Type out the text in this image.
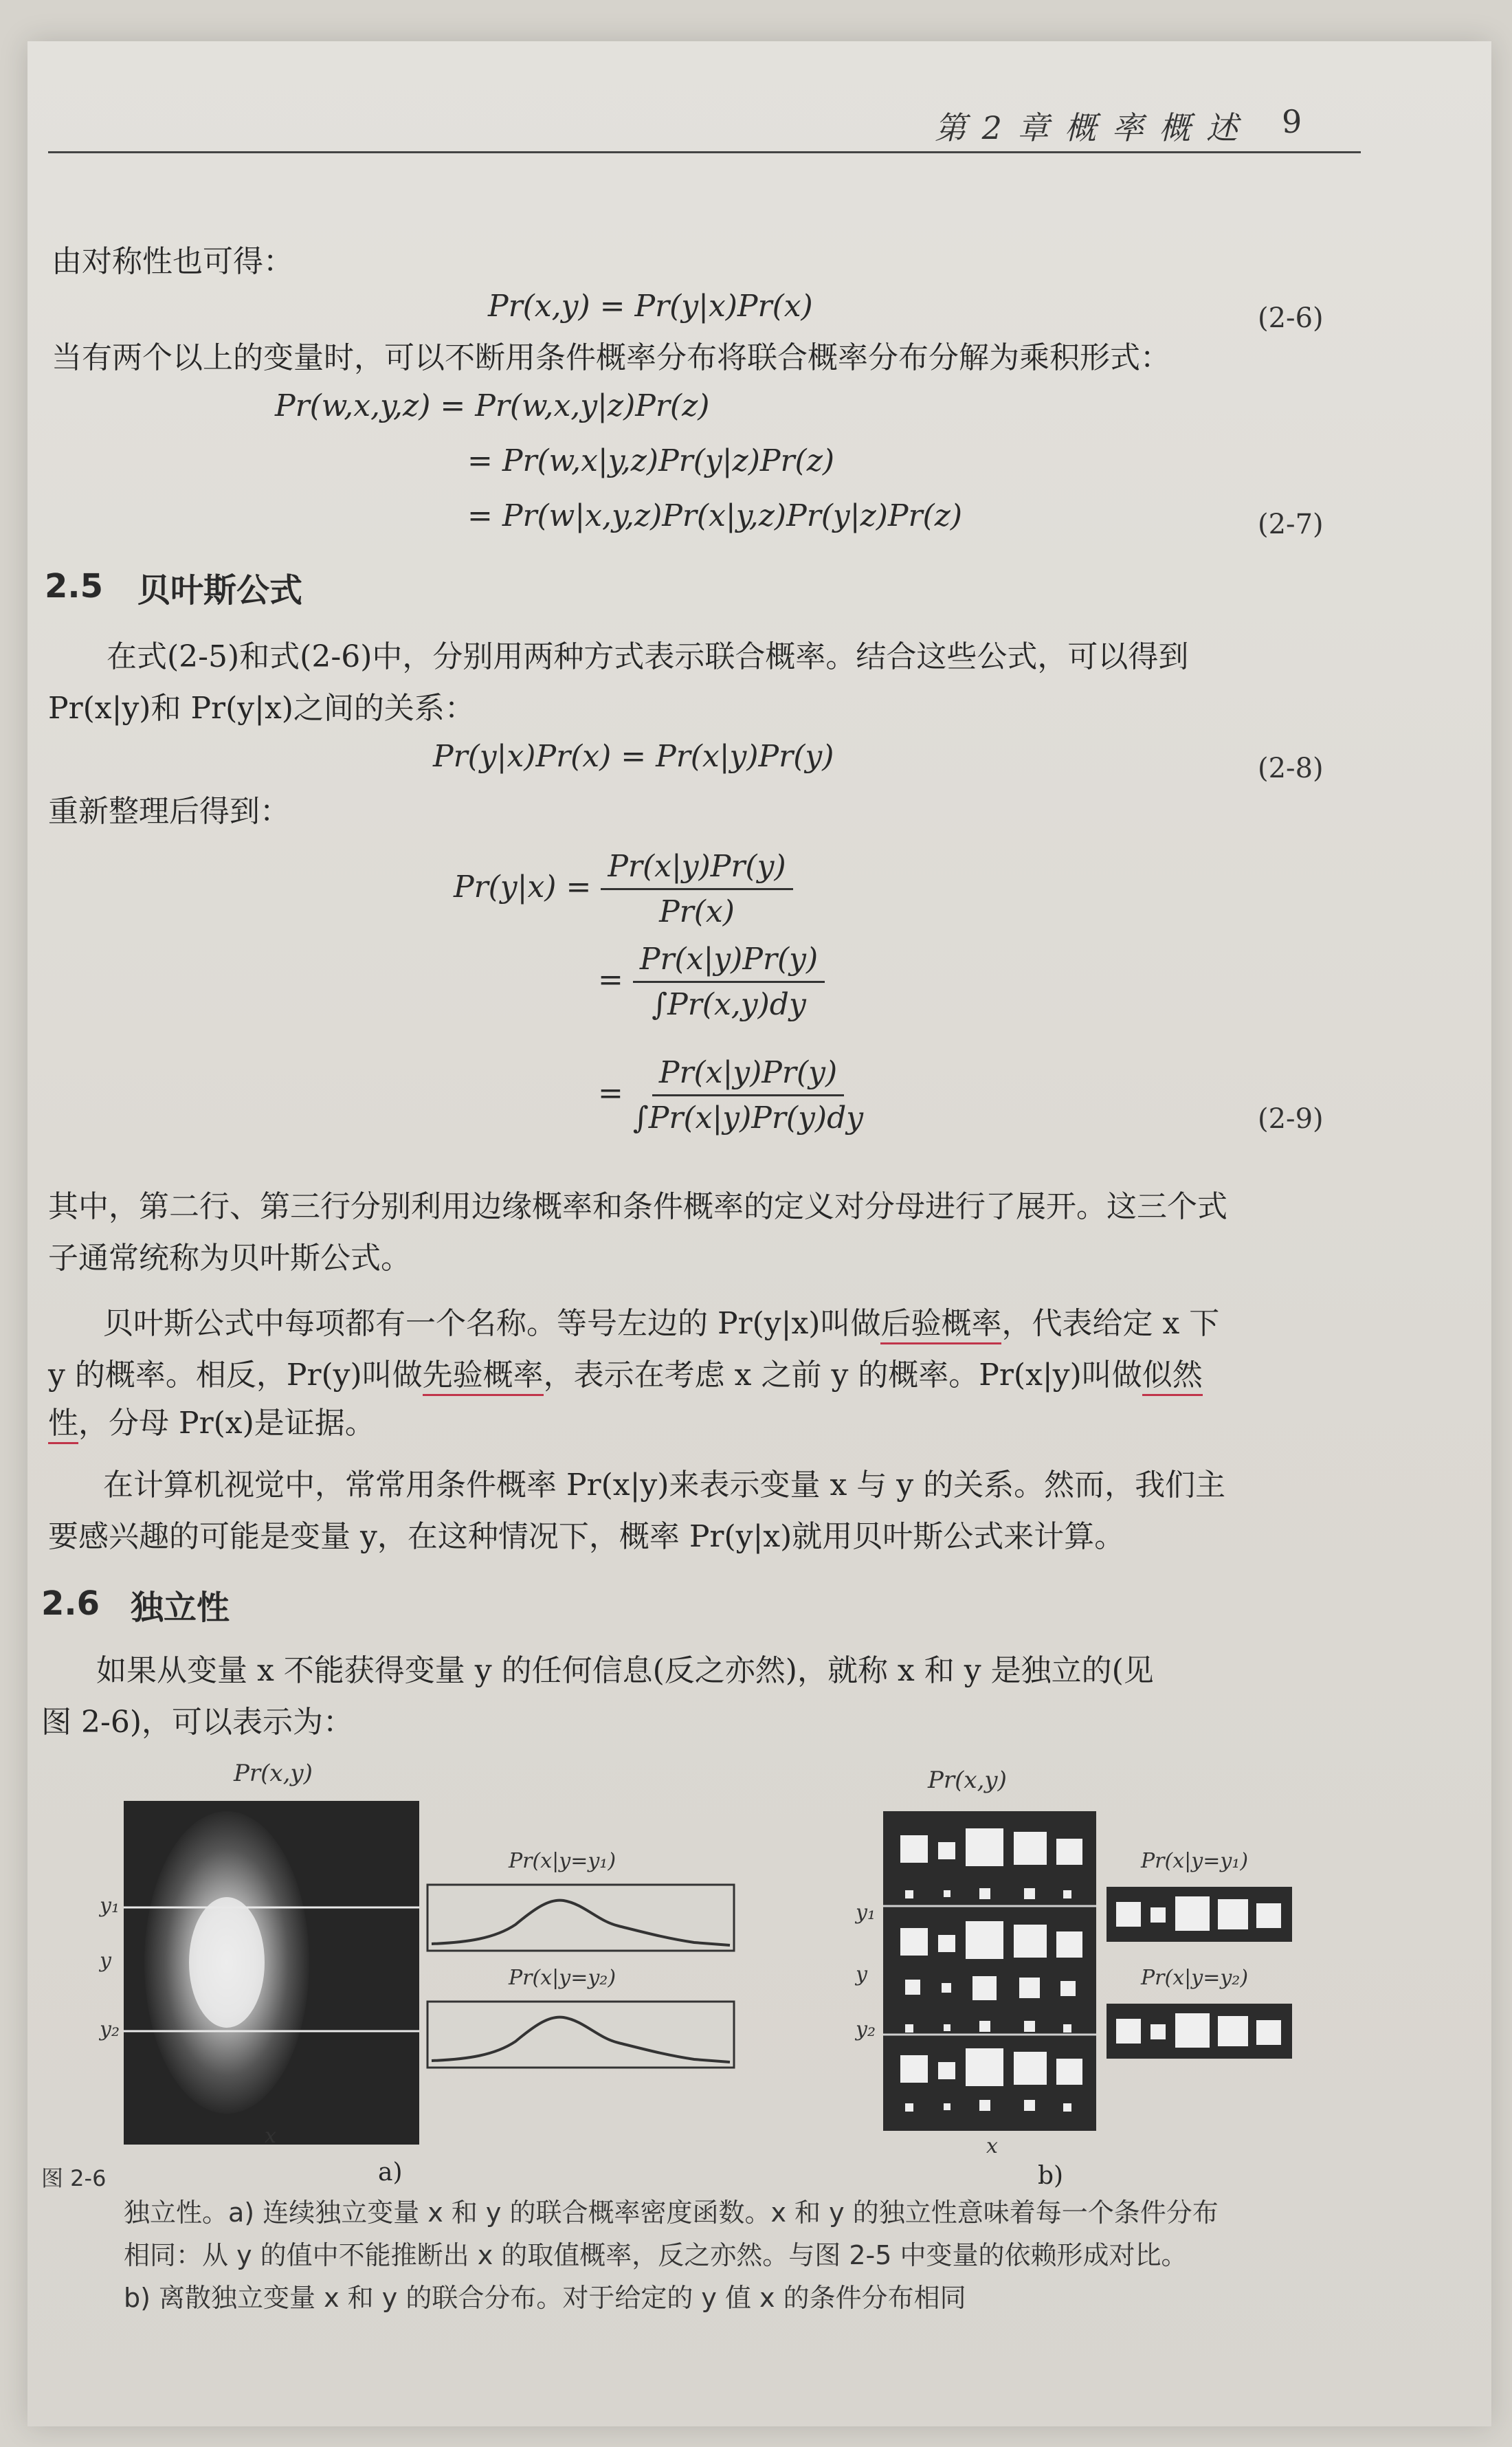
第 2 章 概 率 概 述 9
由对称性也可得：
Pr(x,y) = Pr(y|x)Pr(x)	(2-6)
当有两个以上的变量时，可以不断用条件概率分布将联合概率分布分解为乘积形式：
Pr(w,x,y,z) = Pr(w,x,y|z)Pr(z)
= Pr(w,x|y,z)Pr(y|z)Pr(z)
= Pr(w|x,y,z)Pr(x|y,z)Pr(y|z)Pr(z)	(2-7)
2.5 贝叶斯公式
在式(2-5)和式(2-6)中，分别用两种方式表示联合概率。结合这些公式，可以得到
Pr(x|y)和 Pr(y|x)之间的关系：
Pr(y|x)Pr(x) = Pr(x|y)Pr(y)	(2-8)
重新整理后得到：
$Pr(y|x) = \frac{Pr(x|y)Pr(y)}{Pr(x)}$
= $\frac{Pr(x|y)Pr(y)}{\int Pr(x,y)dy}$
= $\frac{Pr(x|y)Pr(y)}{\int Pr(x|y)Pr(y)dy}$	(2-9)
其中，第二行、第三行分别利用边缘概率和条件概率的定义对分母进行了展开。这三个式
子通常统称为贝叶斯公式。
贝叶斯公式中每项都有一个名称。等号左边的 Pr(y|x)叫做后验概率，代表给定 x 下
y 的概率。相反，Pr(y)叫做先验概率，表示在考虑 x 之前 y 的概率。Pr(x|y)叫做似然
性，分母 Pr(x)是证据。
在计算机视觉中，常常用条件概率 Pr(x|y)来表示变量 x 与 y 的关系。然而，我们主
要感兴趣的可能是变量 y，在这种情况下，概率 Pr(y|x)就用贝叶斯公式来计算。
2.6 独立性
如果从变量 x 不能获得变量 y 的任何信息(反之亦然)，就称 x 和 y 是独立的(见
图 2-6)，可以表示为：
Pr(x,y)
y₁
y
y₂
x
Pr(x|y=y₁)
Pr(x|y=y₂)
a)
Pr(x,y)
y₁
y
y₂
x
Pr(x|y=y₁)
Pr(x|y=y₂)
b)
图 2-6
独立性。a) 连续独立变量 x 和 y 的联合概率密度函数。x 和 y 的独立性意味着每一个条件分布
相同：从 y 的值中不能推断出 x 的取值概率，反之亦然。与图 2-5 中变量的依赖形成对比。
b) 离散独立变量 x 和 y 的联合分布。对于给定的 y 值 x 的条件分布相同
